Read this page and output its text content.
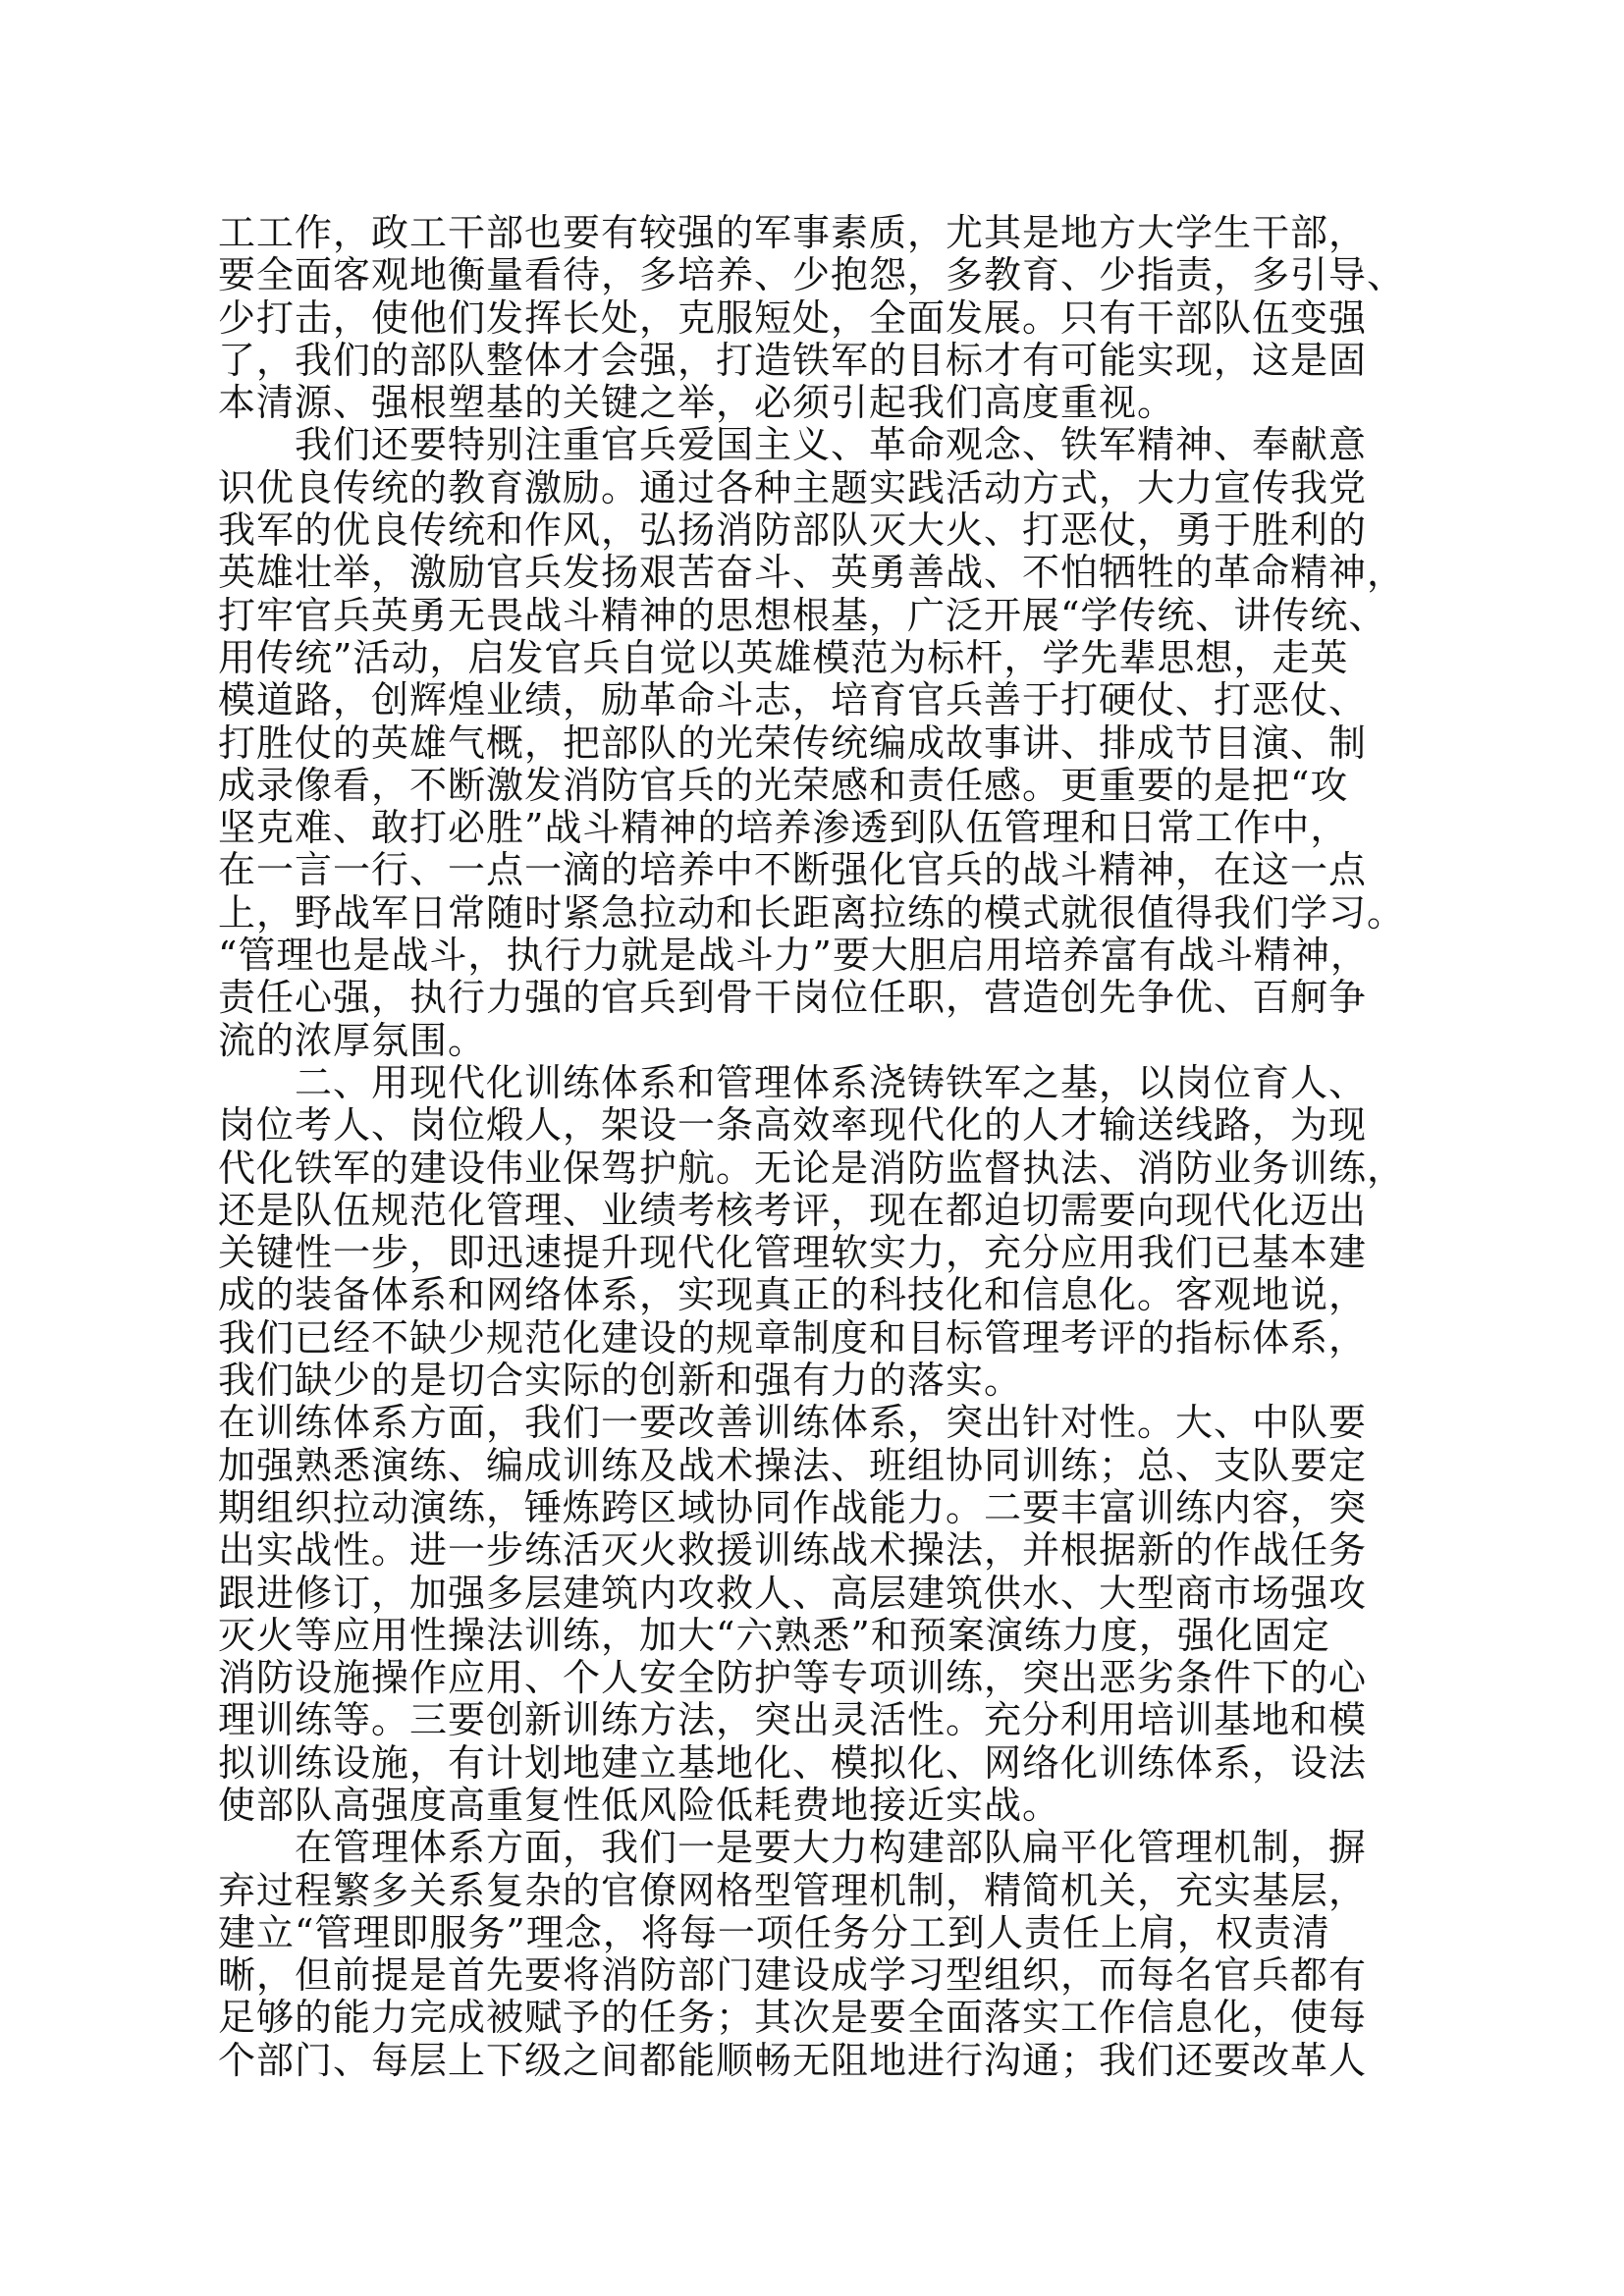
工工作，政工干部也要有较强的军事素质，尤其是地方大学生干部，
要全面客观地衡量看待，多培养、少抱怨，多教育、少指责，多引导、
少打击，使他们发挥长处，克服短处，全面发展。只有干部队伍变强
了，我们的部队整体才会强，打造铁军的目标才有可能实现，这是固
本清源、强根塑基的关键之举，必须引起我们高度重视。
我们还要特别注重官兵爱国主义、革命观念、铁军精神、奉献意
识优良传统的教育激励。通过各种主题实践活动方式，大力宣传我党
我军的优良传统和作风，弘扬消防部队灭大火、打恶仗，勇于胜利的
英雄壮举，激励官兵发扬艰苦奋斗、英勇善战、不怕牺牲的革命精神，
打牢官兵英勇无畏战斗精神的思想根基，广泛开展“学传统、讲传统、
用传统”活动，启发官兵自觉以英雄模范为标杆，学先辈思想，走英
模道路，创辉煌业绩，励革命斗志，培育官兵善于打硬仗、打恶仗、
打胜仗的英雄气概，把部队的光荣传统编成故事讲、排成节目演、制
成录像看，不断激发消防官兵的光荣感和责任感。更重要的是把“攻
坚克难、敢打必胜”战斗精神的培养渗透到队伍管理和日常工作中，
在一言一行、一点一滴的培养中不断强化官兵的战斗精神，在这一点
上，野战军日常随时紧急拉动和长距离拉练的模式就很值得我们学习。
“管理也是战斗，执行力就是战斗力”要大胆启用培养富有战斗精神，
责任心强，执行力强的官兵到骨干岗位任职，营造创先争优、百舸争
流的浓厚氛围。
二、用现代化训练体系和管理体系浇铸铁军之基，以岗位育人、
岗位考人、岗位煅人，架设一条高效率现代化的人才输送线路，为现
代化铁军的建设伟业保驾护航。无论是消防监督执法、消防业务训练，
还是队伍规范化管理、业绩考核考评，现在都迫切需要向现代化迈出
关键性一步，即迅速提升现代化管理软实力，充分应用我们已基本建
成的装备体系和网络体系，实现真正的科技化和信息化。客观地说，
我们已经不缺少规范化建设的规章制度和目标管理考评的指标体系，
我们缺少的是切合实际的创新和强有力的落实。
在训练体系方面，我们一要改善训练体系，突出针对性。大、中队要
加强熟悉演练、编成训练及战术操法、班组协同训练；总、支队要定
期组织拉动演练，锤炼跨区域协同作战能力。二要丰富训练内容，突
出实战性。进一步练活灭火救援训练战术操法，并根据新的作战任务
跟进修订，加强多层建筑内攻救人、高层建筑供水、大型商市场强攻
灭火等应用性操法训练，加大“六熟悉”和预案演练力度，强化固定
消防设施操作应用、个人安全防护等专项训练，突出恶劣条件下的心
理训练等。三要创新训练方法，突出灵活性。充分利用培训基地和模
拟训练设施，有计划地建立基地化、模拟化、网络化训练体系，设法
使部队高强度高重复性低风险低耗费地接近实战。
在管理体系方面，我们一是要大力构建部队扁平化管理机制，摒
弃过程繁多关系复杂的官僚网格型管理机制，精简机关，充实基层，
建立“管理即服务”理念，将每一项任务分工到人责任上肩，权责清
晰，但前提是首先要将消防部门建设成学习型组织，而每名官兵都有
足够的能力完成被赋予的任务；其次是要全面落实工作信息化，使每
个部门、每层上下级之间都能顺畅无阻地进行沟通；我们还要改革人
